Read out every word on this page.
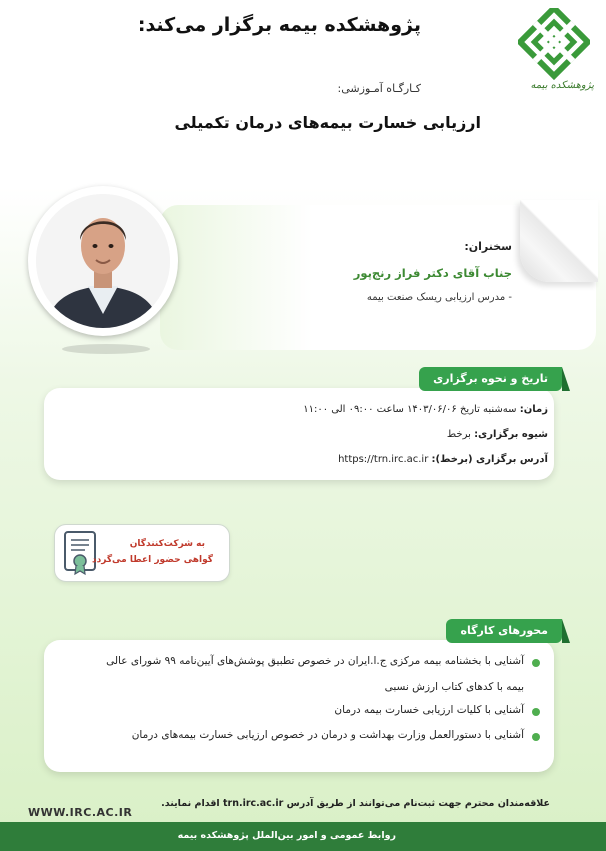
پژوهشکده بیمه برگزار می‌کند:
پژوهشکده بیمه
کـارگـاه آمـوزشی:
ارزیابی خسارت بیمه‌های درمان تکمیلی
سخنران:
جناب آقای دکتر فراز رنج‌پور
- مدرس ارزیابی ریسک صنعت بیمه
تاریخ و نحوه برگزاری
زمان: سه‌شنبه تاریخ ۱۴۰۳/۰۶/۰۶ ساعت ۰۹:۰۰ الی ۱۱:۰۰
شیوه برگزاری: برخط
آدرس برگزاری (برخط): https://trn.irc.ac.ir
به شرکت‌کنندگان
گواهی حضور اعطا می‌گردد
محورهای کارگاه
آشنایی با بخشنامه بیمه مرکزی ج.ا.ایران در خصوص تطبیق پوشش‌های آیین‌نامه ۹۹ شورای عالی
بیمه با کدهای کتاب ارزش نسبی
آشنایی با کلیات ارزیابی خسارت بیمه درمان
آشنایی با دستورالعمل وزارت بهداشت و درمان در خصوص ارزیابی خسارت بیمه‌های درمان
علاقه‌مندان محترم جهت ثبت‌نام می‌توانند از طریق آدرس trn.irc.ac.ir اقدام نمایند.
WWW.IRC.AC.IR
روابط عمومی و امور بین‌الملل پژوهشکده بیمه
